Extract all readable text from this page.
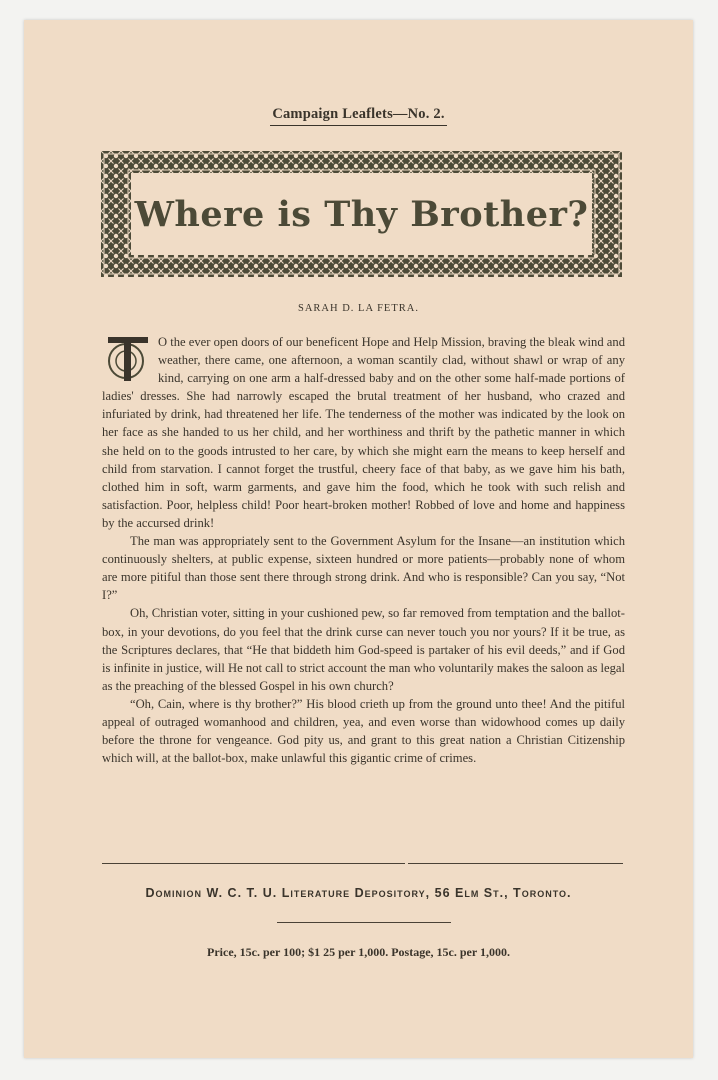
Campaign Leaflets—No. 2.
Where is Thy Brother?
SARAH D. LA FETRA.

O the ever open doors of our beneficent Hope and Help Mission, braving the bleak wind and weather, there came, one afternoon, a woman scantily clad, without shawl or wrap of any kind, carrying on one arm a half-dressed baby and on the other some half-made portions of ladies' dresses. She had narrowly escaped the brutal treatment of her husband, who crazed and infuriated by drink, had threatened her life. The tenderness of the mother was indicated by the look on her face as she handed to us her child, and her worthiness and thrift by the pathetic manner in which she held on to the goods intrusted to her care, by which she might earn the means to keep herself and child from starvation. I cannot forget the trustful, cheery face of that baby, as we gave him his bath, clothed him in soft, warm garments, and gave him the food, which he took with such relish and satisfaction. Poor, helpless child! Poor heart-broken mother! Robbed of love and home and happiness by the accursed drink!

The man was appropriately sent to the Government Asylum for the Insane—an institution which continuously shelters, at public expense, sixteen hundred or more patients—probably none of whom are more pitiful than those sent there through strong drink. And who is responsible? Can you say, “Not I?”

Oh, Christian voter, sitting in your cushioned pew, so far removed from temptation and the ballot-box, in your devotions, do you feel that the drink curse can never touch you nor yours? If it be true, as the Scriptures declares, that “He that biddeth him God-speed is partaker of his evil deeds,” and if God is infinite in justice, will He not call to strict account the man who voluntarily makes the saloon as legal as the preaching of the blessed Gospel in his own church?

“Oh, Cain, where is thy brother?” His blood crieth up from the ground unto thee! And the pitiful appeal of outraged womanhood and children, yea, and even worse than widowhood comes up daily before the throne for vengeance. God pity us, and grant to this great nation a Christian Citizenship which will, at the ballot-box, make unlawful this gigantic crime of crimes.

Dominion W. C. T. U. Literature Depository, 56 Elm St., Toronto.
Price, 15c. per 100; $1 25 per 1,000. Postage, 15c. per 1,000.
